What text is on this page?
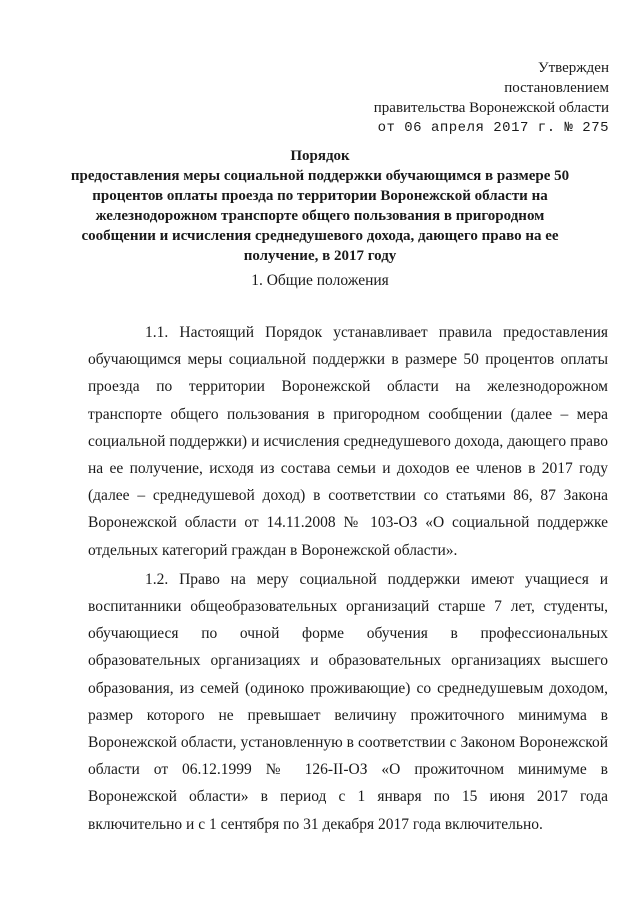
Утвержден
постановлением
правительства Воронежской области
от 06 апреля 2017 г. № 275
Порядок
предоставления меры социальной поддержки обучающимся в размере 50 процентов оплаты проезда по территории Воронежской области на железнодорожном транспорте общего пользования в пригородном сообщении и исчисления среднедушевого дохода, дающего право на ее получение, в 2017 году
1. Общие положения

1.1. Настоящий Порядок устанавливает правила предоставления обучающимся меры социальной поддержки в размере 50 процентов оплаты проезда по территории Воронежской области на железнодорожном транспорте общего пользования в пригородном сообщении (далее – мера социальной поддержки) и исчисления среднедушевого дохода, дающего право на ее получение, исходя из состава семьи и доходов ее членов в 2017 году (далее – среднедушевой доход) в соответствии со статьями 86, 87 Закона Воронежской области от 14.11.2008 № 103-ОЗ «О социальной поддержке отдельных категорий граждан в Воронежской области».

1.2. Право на меру социальной поддержки имеют учащиеся и воспитанники общеобразовательных организаций старше 7 лет, студенты, обучающиеся по очной форме обучения в профессиональных образовательных организациях и образовательных организациях высшего образования, из семей (одиноко проживающие) со среднедушевым доходом, размер которого не превышает величину прожиточного минимума в Воронежской области, установленную в соответствии с Законом Воронежской области от 06.12.1999 № 126-II-ОЗ «О прожиточном минимуме в Воронежской области» в период с 1 января по 15 июня 2017 года включительно и с 1 сентября по 31 декабря 2017 года включительно.
